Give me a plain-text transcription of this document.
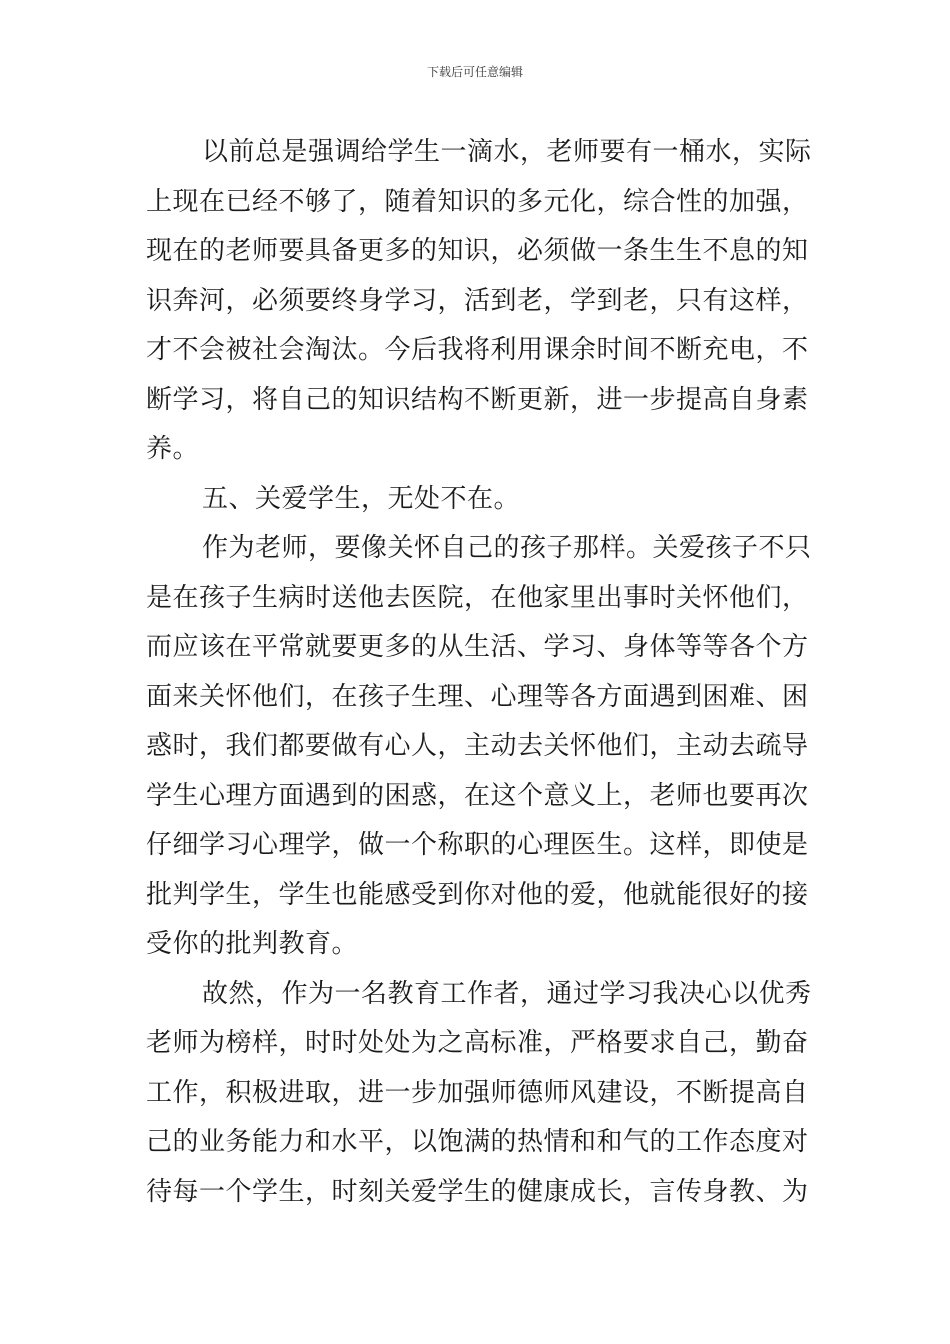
下载后可任意编辑
以前总是强调给学生一滴水，老师要有一桶水，实际
上现在已经不够了，随着知识的多元化，综合性的加强，
现在的老师要具备更多的知识，必须做一条生生不息的知
识奔河，必须要终身学习，活到老，学到老，只有这样，
才不会被社会淘汰。今后我将利用课余时间不断充电，不
断学习，将自己的知识结构不断更新，进一步提高自身素
养。
五、关爱学生，无处不在。
作为老师，要像关怀自己的孩子那样。关爱孩子不只
是在孩子生病时送他去医院，在他家里出事时关怀他们，
而应该在平常就要更多的从生活、学习、身体等等各个方
面来关怀他们，在孩子生理、心理等各方面遇到困难、困
惑时，我们都要做有心人，主动去关怀他们，主动去疏导
学生心理方面遇到的困惑，在这个意义上，老师也要再次
仔细学习心理学，做一个称职的心理医生。这样，即使是
批判学生，学生也能感受到你对他的爱，他就能很好的接
受你的批判教育。
故然，作为一名教育工作者，通过学习我决心以优秀
老师为榜样，时时处处为之高标准，严格要求自己，勤奋
工作，积极进取，进一步加强师德师风建设，不断提高自
己的业务能力和水平，以饱满的热情和和气的工作态度对
待每一个学生，时刻关爱学生的健康成长，言传身教、为
